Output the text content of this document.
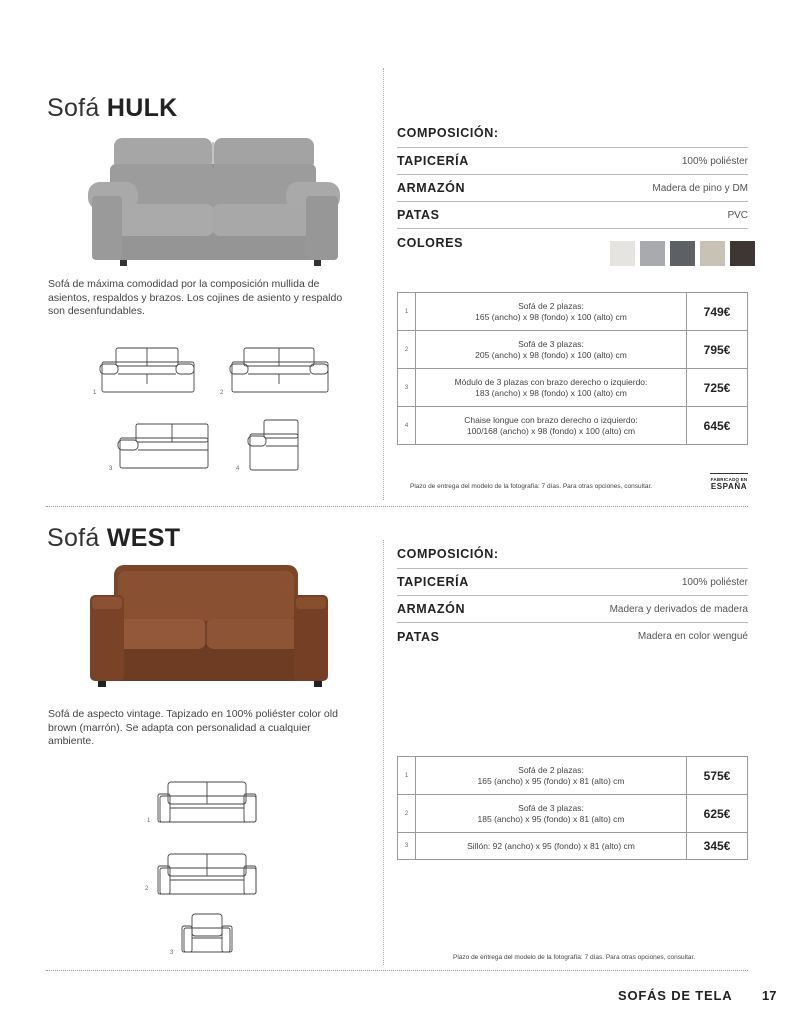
Sofá HULK
Sofá de máxima comodidad por la composición mullida de asientos, respaldos y brazos. Los cojines de asiento y respaldo son desenfundables.
1	2
3	4
COMPOSICIÓN:
TAPICERÍA	100% poliéster
ARMAZÓN	Madera de pino y DM
PATAS	PVC
COLORES
1
Sofá de 2 plazas:
165 (ancho) x 98 (fondo) x 100 (alto) cm	749€
2
Sofá de 3 plazas:
205 (ancho) x 98 (fondo) x 100 (alto) cm	795€
3
Módulo de 3 plazas con brazo derecho o izquierdo:
183 (ancho) x 98 (fondo) x 100 (alto) cm	725€
4
Chaise longue con brazo derecho o izquierdo:
100/168 (ancho) x 98 (fondo) x 100 (alto) cm	645€
Plazo de entrega del modelo de la fotografía: 7 días. Para otras opciones, consultar.
FABRICADO EN
ESPAÑA
Sofá WEST
Sofá de aspecto vintage. Tapizado en 100% poliéster color old brown (marrón). Se adapta con personalidad a cualquier ambiente.
1
2
3
COMPOSICIÓN:
TAPICERÍA	100% poliéster
ARMAZÓN	Madera y derivados de madera
PATAS	Madera en color wengué
1
Sofá de 2 plazas:
165 (ancho) x 95 (fondo) x 81 (alto) cm	575€
2
Sofá de 3 plazas:
185 (ancho) x 95 (fondo) x 81 (alto) cm	625€
3	Sillón: 92 (ancho) x 95 (fondo) x 81 (alto) cm	345€
Plazo de entrega del modelo de la fotografía: 7 días. Para otras opciones, consultar.
SOFÁS DE TELA 17
